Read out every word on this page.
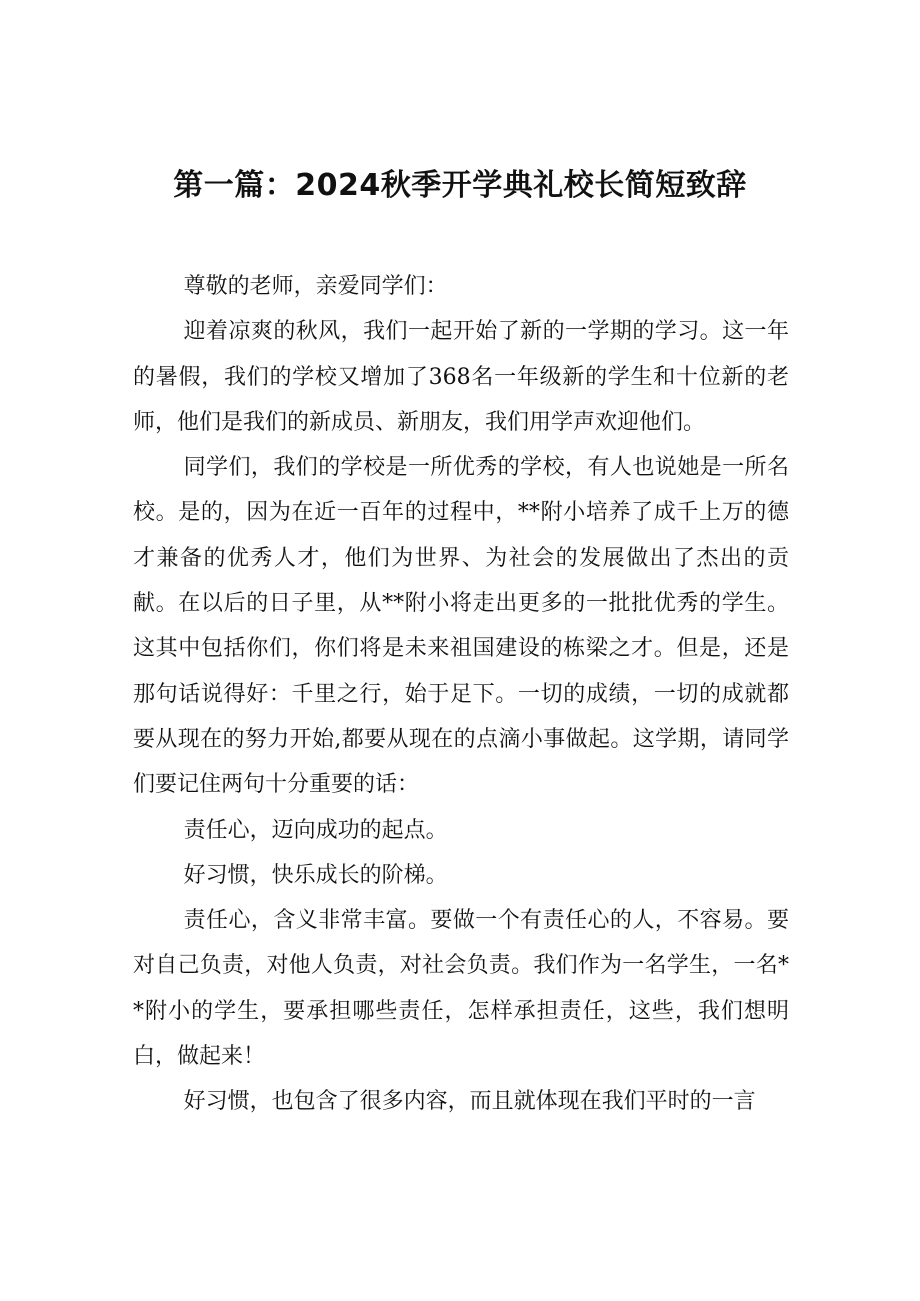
第一篇：2024秋季开学典礼校长简短致辞

尊敬的老师，亲爱同学们：

迎着凉爽的秋风，我们一起开始了新的一学期的学习。这一年的暑假，我们的学校又增加了368名一年级新的学生和十位新的老师，他们是我们的新成员、新朋友，我们用学声欢迎他们。

同学们，我们的学校是一所优秀的学校，有人也说她是一所名校。是的，因为在近一百年的过程中，**附小培养了成千上万的德才兼备的优秀人才，他们为世界、为社会的发展做出了杰出的贡献。在以后的日子里，从**附小将走出更多的一批批优秀的学生。这其中包括你们，你们将是未来祖国建设的栋梁之才。但是，还是那句话说得好：千里之行，始于足下。一切的成绩，一切的成就都要从现在的努力开始,都要从现在的点滴小事做起。这学期，请同学们要记住两句十分重要的话：

责任心，迈向成功的起点。

好习惯，快乐成长的阶梯。

责任心，含义非常丰富。要做一个有责任心的人，不容易。要对自己负责，对他人负责，对社会负责。我们作为一名学生，一名**附小的学生，要承担哪些责任，怎样承担责任，这些，我们想明白，做起来！

好习惯，也包含了很多内容，而且就体现在我们平时的一言
